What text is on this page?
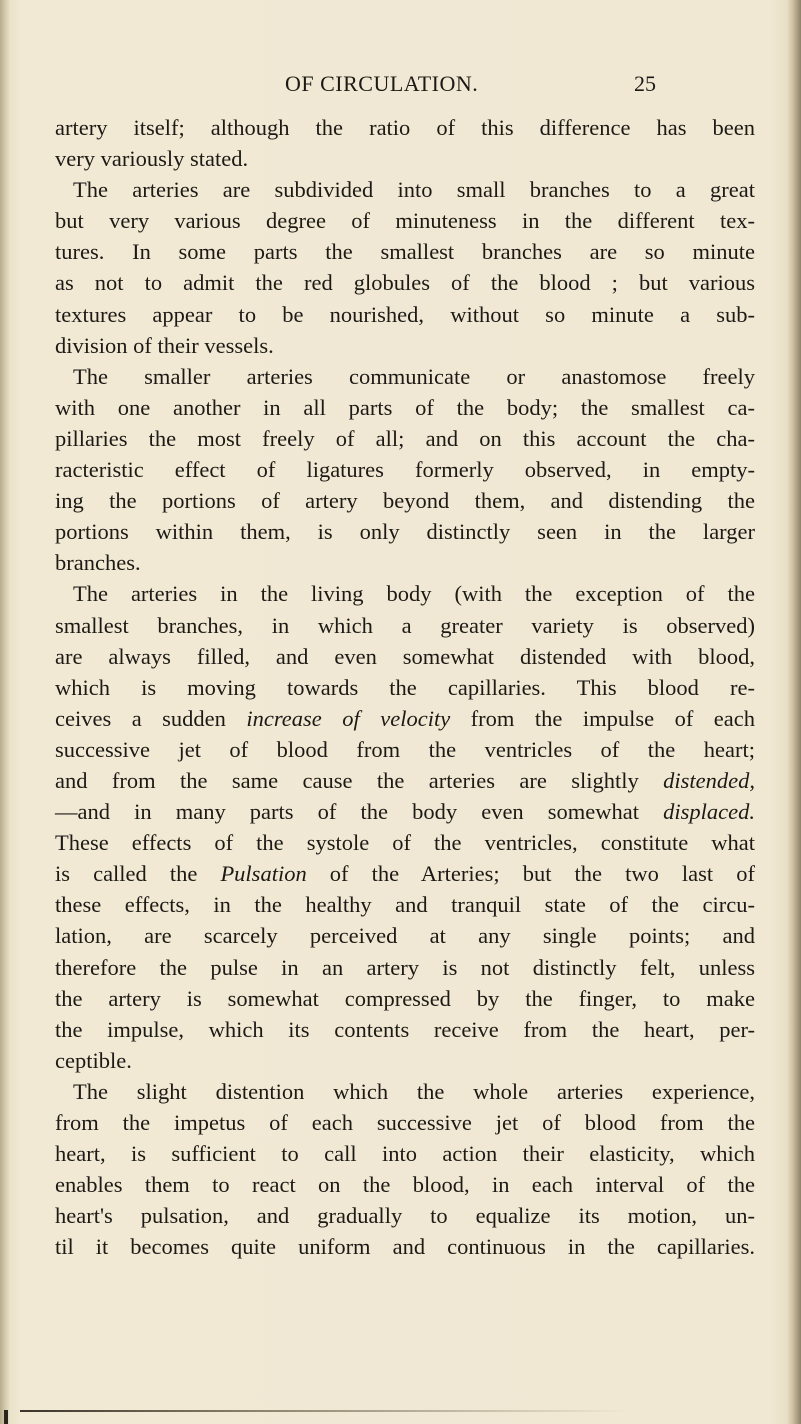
OF CIRCULATION.	25
artery itself; although the ratio of this difference has been
very variously stated.
The arteries are subdivided into small branches to a great
but very various degree of minuteness in the different tex-
tures. In some parts the smallest branches are so minute
as not to admit the red globules of the blood ; but various
textures appear to be nourished, without so minute a sub-
division of their vessels.
The smaller arteries communicate or anastomose freely
with one another in all parts of the body; the smallest ca-
pillaries the most freely of all; and on this account the cha-
racteristic effect of ligatures formerly observed, in empty-
ing the portions of artery beyond them, and distending the
portions within them, is only distinctly seen in the larger
branches.
The arteries in the living body (with the exception of the
smallest branches, in which a greater variety is observed)
are always filled, and even somewhat distended with blood,
which is moving towards the capillaries. This blood re-
ceives a sudden increase of velocity from the impulse of each
successive jet of blood from the ventricles of the heart;
and from the same cause the arteries are slightly distended,
—and in many parts of the body even somewhat displaced.
These effects of the systole of the ventricles, constitute what
is called the Pulsation of the Arteries; but the two last of
these effects, in the healthy and tranquil state of the circu-
lation, are scarcely perceived at any single points; and
therefore the pulse in an artery is not distinctly felt, unless
the artery is somewhat compressed by the finger, to make
the impulse, which its contents receive from the heart, per-
ceptible.
The slight distention which the whole arteries experience,
from the impetus of each successive jet of blood from the
heart, is sufficient to call into action their elasticity, which
enables them to react on the blood, in each interval of the
heart's pulsation, and gradually to equalize its motion, un-
til it becomes quite uniform and continuous in the capillaries.
